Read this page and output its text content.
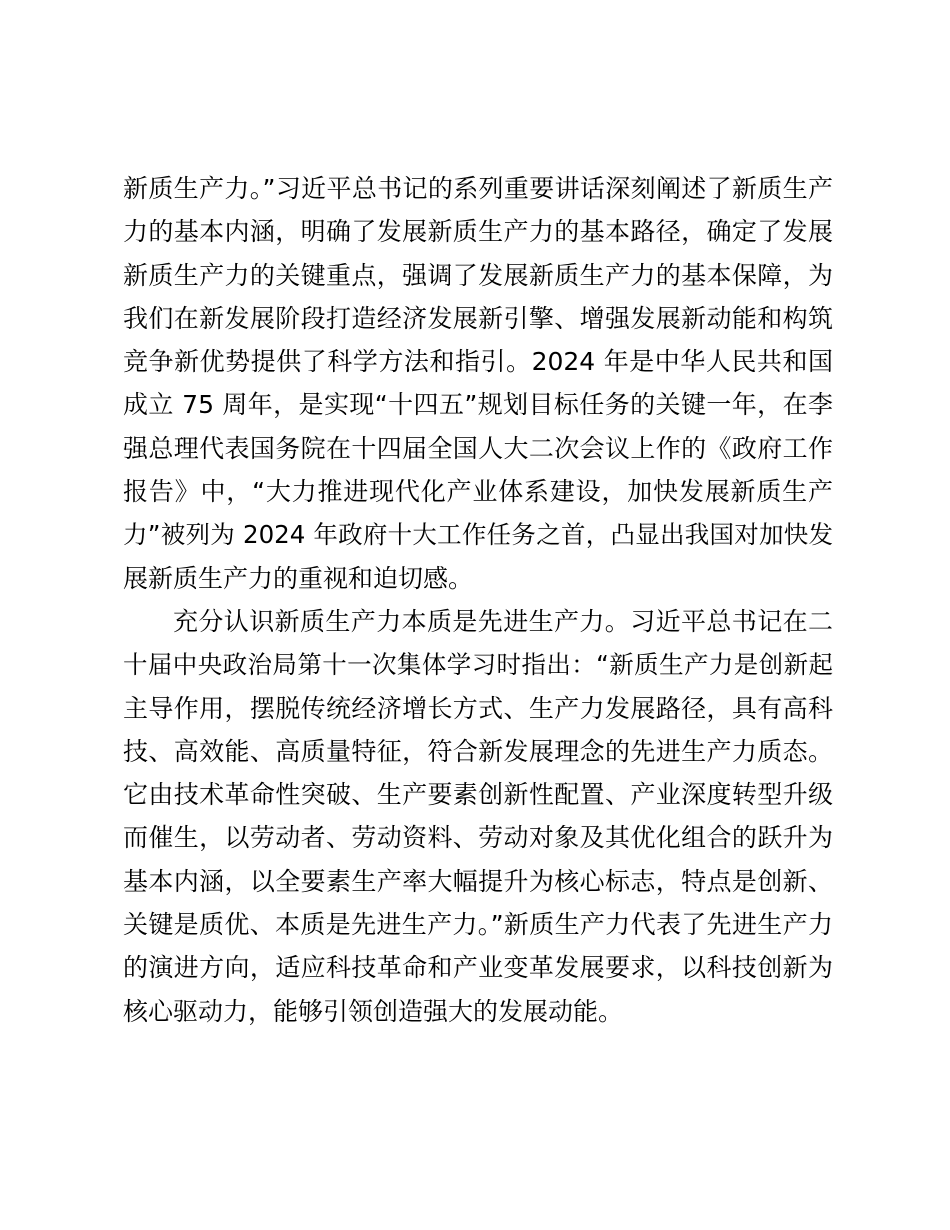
新质生产力。”习近平总书记的系列重要讲话深刻阐述了新质生产
力的基本内涵，明确了发展新质生产力的基本路径，确定了发展
新质生产力的关键重点，强调了发展新质生产力的基本保障，为
我们在新发展阶段打造经济发展新引擎、增强发展新动能和构筑
竞争新优势提供了科学方法和指引。2024 年是中华人民共和国
成立 75 周年，是实现“十四五”规划目标任务的关键一年，在李
强总理代表国务院在十四届全国人大二次会议上作的《政府工作
报告》中，“大力推进现代化产业体系建设，加快发展新质生产
力”被列为 2024 年政府十大工作任务之首，凸显出我国对加快发
展新质生产力的重视和迫切感。
充分认识新质生产力本质是先进生产力。习近平总书记在二
十届中央政治局第十一次集体学习时指出：“新质生产力是创新起
主导作用，摆脱传统经济增长方式、生产力发展路径，具有高科
技、高效能、高质量特征，符合新发展理念的先进生产力质态。
它由技术革命性突破、生产要素创新性配置、产业深度转型升级
而催生，以劳动者、劳动资料、劳动对象及其优化组合的跃升为
基本内涵，以全要素生产率大幅提升为核心标志，特点是创新、
关键是质优、本质是先进生产力。”新质生产力代表了先进生产力
的演进方向，适应科技革命和产业变革发展要求，以科技创新为
核心驱动力，能够引领创造强大的发展动能。
